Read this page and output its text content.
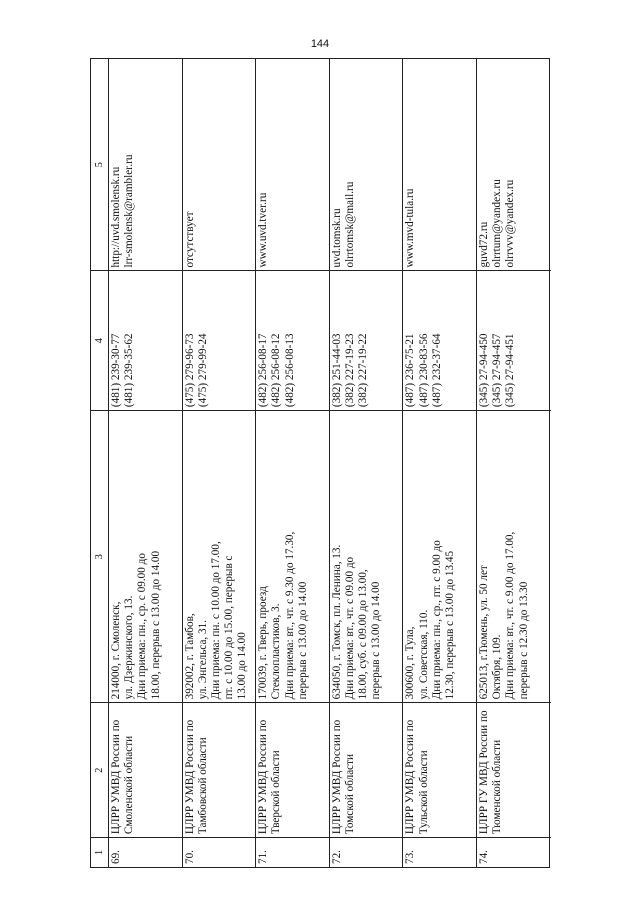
144
1
2
3
4
5
69.
ЦЛРР УМВД России по Смоленской области
214000, г. Смоленск, ул. Дзержинского, 13. Дни приема: пн., ср. с 09.00 до 18.00, перерыв с 13.00 до 14.00
(481) 239-30-77 (481) 239-35-62
http://uvd.smolensk.ru lrr-smolensk@rambler.ru
70.
ЦЛРР УМВД России по Тамбовской области
392002, г. Тамбов, ул. Энгельса, 31. Дни приема: пн. с 10.00 до 17.00, пт. с 10.00 до 15.00, перерыв с 13.00 до 14.00
(475) 279-96-73 (475) 279-99-24
отсутствует
71.
ЦЛРР УМВД России по Тверской области
170039, г. Тверь, проезд Стеклопластиков, 3. Дни приема: вт., чт. с 9.30 до 17.30, перерыв с 13.00 до 14.00
(482) 256-08-17 (482) 256-08-12 (482) 256-08-13
www.uvd.tver.ru
72.
ЦЛРР УМВД России по Томской области
634050, г. Томск, пл. Ленина, 13. Дни приема: вт., чт. с 09.00 до 18.00, суб. с 09.00 до 13.00, перерыв с 13.00 до 14.00
(382) 251-44-03 (382) 227-19-23 (382) 227-19-22
uvd.tomsk.ru olrrtomsk@mail.ru
73.
ЦЛРР УМВД России по Тульской области
300600, г. Тула, ул. Советская, 110. Дни приема: пн., ср., пт. с 9.00 до 12.30, перерыв с 13.00 до 13.45
(487) 236-75-21 (487) 230-83-56 (487) 232-37-64
www.mvd-tula.ru
74.
ЦЛРР ГУ МВД России по Тюменской области
625013, г.Тюмень, ул. 50 лет Октября, 109. Дни приема: вт., чт. с 9.00 до 17.00, перерыв с 12.30 до 13.30
(345) 27-94-450 (345) 27-94-457 (345) 27-94-451
guvd72.ru olrrtum@yandex.ru olrrvvv@yandex.ru
